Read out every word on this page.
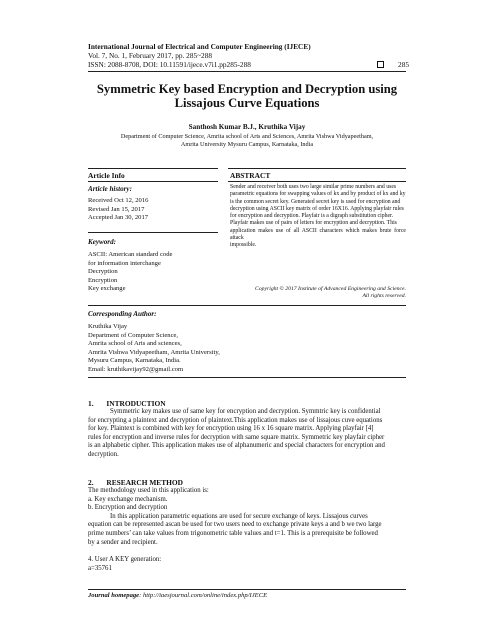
International Journal of Electrical and Computer Engineering (IJECE)
Vol. 7, No. 1, February 2017, pp. 285~288
ISSN: 2088-8708, DOI: 10.11591/ijece.v7i1.pp285-288	285
Symmetric Key based Encryption and Decryption using
Lissajous Curve Equations
Santhosh Kumar B.J., Kruthika Vijay
Department of Computer Science, Amrita school of Arts and Sciences, Amrita Vishwa Vidyapeetham,
Amrita University Mysuru Campus, Karnataka, India
Article Info	ABSTRACT
Article history:
Received Oct 12, 2016
Revised Jan 15, 2017
Accepted Jan 30, 2017
Keyword:
ASCII: American standard code
for information interchange
Decryption
Encryption
Key exchange
Sender and receiver both uses two large similar prime numbers and uses
parametric equations for swapping values of kx and by product of kx and ky
is the common secret key. Generated secret key is used for encryption and
decryption using ASCII key matrix of order 16X16. Applying playfair rules
for encryption and decryption. Playfair is a digraph substitution cipher.
Playfair makes use of pairs of letters for encryption and decryption. This
application makes use of all ASCII characters which makes brute force attack
impossible.
Copyright © 2017 Institute of Advanced Engineering and Science.
All rights reserved.
Corresponding Author:
Kruthika Vijay
Department of Computer Science,
Amrita school of Arts and sciences,
Amrita Vishwa Vidyapeetham, Amrita University,
Mysuru Campus, Karnataka, India.
Email: kruthikavijay92@gmail.com
1. INTRODUCTION
Symmetric key makes use of same key for encryption and decryption. Symmtric key is confidential
for encrypting a plaintext and decryption of plaintext.This application makes use of lissajous cuve equations
for key. Plaintext is combined with key for encryption using 16 x 16 square matrix. Applying playfair [4]
rules for encryption and inverse rules for decryption with same square matrix. Symmetric key playfair cipher
is an alphabetic cipher. This application makes use of alphanumeric and special characters for encryption and
decryption.
2. RESEARCH METHOD
The methodology used in this application is:
a. Key exchange mechanism.
b. Encryption and decryption
In this application parametric equations are used for secure exchange of keys. Lissajous curves
equation can be represented ascan be used for two users need to exchange private keys a and b we two large
prime numbers’ can take values from trigonometric table values and t=1. This is a prerequisite be followed
by a sender and recipient.
4. User A KEY generation:
a=35761
Journal homepage: http://iaesjournal.com/online/index.php/IJECE
